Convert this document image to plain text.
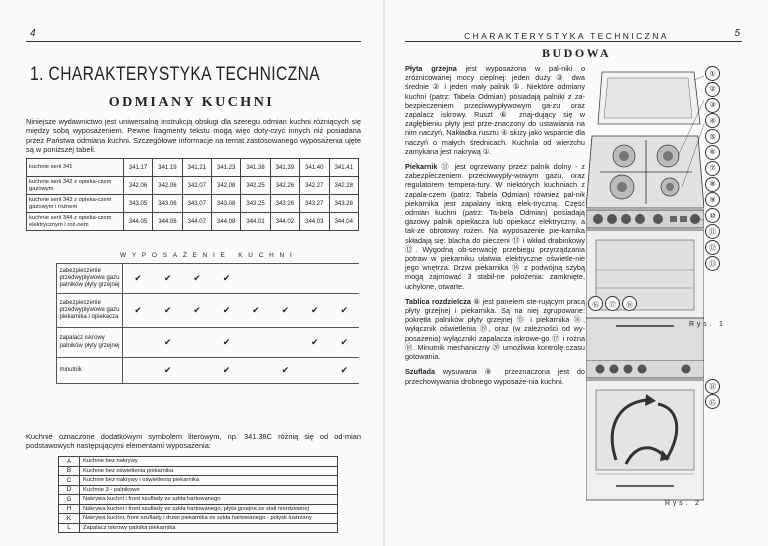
4
1. CHARAKTERYSTYKA TECHNICZNA
ODMIANY KUCHNI

Niniejsze wydawnictwo jest uniwersalną instrukcją obsługi dla szeregu odmian kuchni różniących się między sobą wyposażeniem. Pewne fragmenty tekstu mogą więc doty-czyć innych niż posiadana przez Państwa odmiana kuchni. Szczegółowe informacje na temat zastosowanego wyposażenia ujęte są w poniższej tabeli.

kuchnie serii 341	341.17	341.19	341.21	341.23	341.38	341.39	341.40	341.41
kuchnie serii 342 z opieka-czem gazowym	342.06	342.06	342.07	342.08	342.25	342.26	342.27	342.28
kuchnie serii 343 z opieka-czem gazowym i rożnem	343.05	343.06	343.07	343.08	343.25	343.26	343.27	343.28
kuchnie serii 344 z opieka-czem elektrycznym i roż-nem	344.05	344.06	344.07	344.08	344.01	344.02	344.03	344.04
WYPOSAŻENIE KUCHNI
	zabezpieczenie przedwypływowe gazu palników płyty grzejnej	✔	✔	✔	✔				
	zabezpieczenie przedwypływowe gazu piekarnika i opiekacza	✔	✔	✔	✔	✔	✔	✔	✔
	zapalacz iskrowy palników płyty grzejnej		✔		✔			✔	✔
	minutnik		✔		✔		✔		✔

Kuchnie oznaczone dodatkowym symbolem literowym, np. 341.38C różnią się od od-mian podstawowych następującymi elementami wyposażenia:

A	Kuchnie bez nakrywy
B	Kuchnie bez oświetlenia piekarnika
C	Kuchnie bez nakrywy i oświetlenia piekarnika
D	Kuchnie 3 - palnikowe
G	Nakrywa kuchni i front szuflady ze szkła hartowanego
H	Nakrywa kuchni i front szuflady ze szkła hartowanego, płyta grzejna ze stali nierdzewnej
K	Nakrywa kuchni, front szuflady i drzwi piekarnika ze szkła hartowanego - połysk lustrzany
L	Zapalacz iskrowy palnika piekarnika
CHARAKTERYSTYKA TECHNICZNA	5
BUDOWA

Płyta grzejna jest wyposażona w pal-niki o zróżnicowanej mocy cieplnej: jeden duży ③ dwa średnie ② i jeden mały palnik ⑤. Niektóre odmiany kuchni (patrz: Tabela Odmian) posiadają palniki z za-bezpieczeniem przeciwwypływowym ga-zu oraz zapalacz iskrowy. Ruszt ⑥ znaj-dujący się w zagłębieniu płyty jest prze-znaczony do ustawiania na nim naczyń. Nakładka rusztu ④ służy jako wsparcie dla naczyń o małych średnicach. Kuchnia od wierzchu zamykana jest nakrywą ①.

Piekarnik ⑪ jest ogrzewany przez palnik dolny - z zabezpieczeniem przeciwwypły-wowym gazu, oraz regulatorem tempera-tury. W niektórych kuchniach z zapala-czem (patrz: Tabela Odmian) również pal-nik piekarnika jest zapalany iskrą elek-tryczną. Część odmian kuchni (patrz: Ta-bela Odmian) posiadają gazowy palnik opiekacza lub opiekacz elektryczny, a tak-że obrotowy rożen. Na wyposażenie pie-karnika składają się: blacha do pieczeni ⑬ i wkład drabinkowy ⑫. Wygodną ob-serwację przebiegu przyrządzania potraw w piekarniku ułatwia elektryczne oświetle-nie jego wnętrza. Drzwi piekarnika ⑭ z podwójną szybą mogą zajmować 3 stabil-ne położenia: zamknięte, uchylone, otwarte.

Tablica rozdzielcza ⑧ jest panelem ste-rującym pracą płyty grzejnej i piekarnika. Są na niej zgrupowane: pokrętła palników płyty grzejnej ⑮ i piekarnika ⑯, wyłącznik oświetlenia ⑲, oraz (w zależności od wy-posażenia) wyłączniki zapalacza iskrowe-go ⑰ i rożna ⑱. Minutnik mechaniczny ⑳ umożliwia kontrolę czasu gotowania.

Szuflada wysuwana ⑨ przeznaczona jest do przechowywania drobnego wyposaże-nia kuchni.

①
②
③
④
⑤
⑥
⑦
⑧
⑨
⑩
⑪
⑫
⑬
⑭
⑮
⑯	⑰	⑱
Rys. 1
Rys. 2
